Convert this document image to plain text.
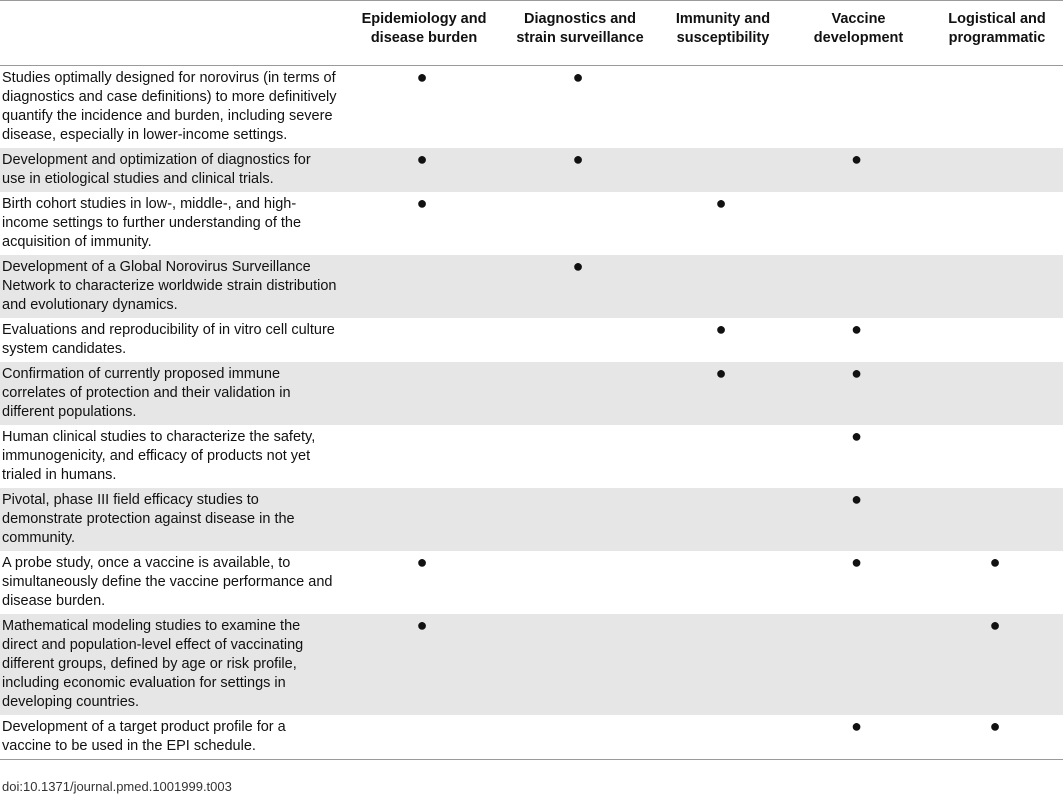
	Epidemiology and disease burden	Diagnostics and strain surveillance	Immunity and susceptibility	Vaccine development	Logistical and programmatic
Studies optimally designed for norovirus (in terms of diagnostics and case definitions) to more definitively quantify the incidence and burden, including severe disease, especially in lower-income settings.	●	●			
Development and optimization of diagnostics for use in etiological studies and clinical trials.	●	●		●	
Birth cohort studies in low-, middle-, and high-income settings to further understanding of the acquisition of immunity.	●		●		
Development of a Global Norovirus Surveillance Network to characterize worldwide strain distribution and evolutionary dynamics.		●			
Evaluations and reproducibility of in vitro cell culture system candidates.			●	●	
Confirmation of currently proposed immune correlates of protection and their validation in different populations.			●	●	
Human clinical studies to characterize the safety, immunogenicity, and efficacy of products not yet trialed in humans.				●	
Pivotal, phase III field efficacy studies to demonstrate protection against disease in the community.				●	
A probe study, once a vaccine is available, to simultaneously define the vaccine performance and disease burden.	●			●	●
Mathematical modeling studies to examine the direct and population-level effect of vaccinating different groups, defined by age or risk profile, including economic evaluation for settings in developing countries.	●				●
Development of a target product profile for a vaccine to be used in the EPI schedule.				●	●
doi:10.1371/journal.pmed.1001999.t003
